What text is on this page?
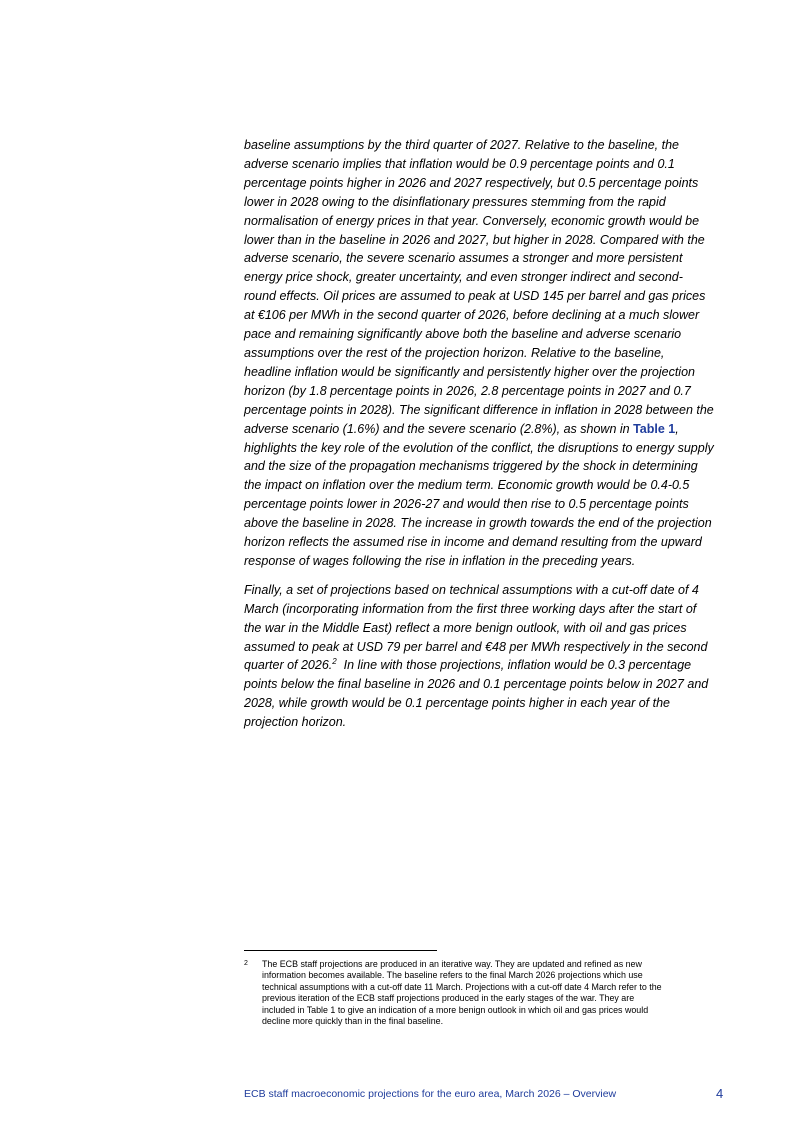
baseline assumptions by the third quarter of 2027. Relative to the baseline, the
adverse scenario implies that inflation would be 0.9 percentage points and 0.1
percentage points higher in 2026 and 2027 respectively, but 0.5 percentage points
lower in 2028 owing to the disinflationary pressures stemming from the rapid
normalisation of energy prices in that year. Conversely, economic growth would be
lower than in the baseline in 2026 and 2027, but higher in 2028. Compared with the
adverse scenario, the severe scenario assumes a stronger and more persistent
energy price shock, greater uncertainty, and even stronger indirect and second-
round effects. Oil prices are assumed to peak at USD 145 per barrel and gas prices
at €106 per MWh in the second quarter of 2026, before declining at a much slower
pace and remaining significantly above both the baseline and adverse scenario
assumptions over the rest of the projection horizon. Relative to the baseline,
headline inflation would be significantly and persistently higher over the projection
horizon (by 1.8 percentage points in 2026, 2.8 percentage points in 2027 and 0.7
percentage points in 2028). The significant difference in inflation in 2028 between the
adverse scenario (1.6%) and the severe scenario (2.8%), as shown in Table 1,
highlights the key role of the evolution of the conflict, the disruptions to energy supply
and the size of the propagation mechanisms triggered by the shock in determining
the impact on inflation over the medium term. Economic growth would be 0.4-0.5
percentage points lower in 2026-27 and would then rise to 0.5 percentage points
above the baseline in 2028. The increase in growth towards the end of the projection
horizon reflects the assumed rise in income and demand resulting from the upward
response of wages following the rise in inflation in the preceding years.

Finally, a set of projections based on technical assumptions with a cut-off date of 4
March (incorporating information from the first three working days after the start of
the war in the Middle East) reflect a more benign outlook, with oil and gas prices
assumed to peak at USD 79 per barrel and €48 per MWh respectively in the second
quarter of 2026.$^2$  In line with those projections, inflation would be 0.3 percentage
points below the final baseline in 2026 and 0.1 percentage points below in 2027 and
2028, while growth would be 0.1 percentage points higher in each year of the
projection horizon.

2 The ECB staff projections are produced in an iterative way. They are updated and refined as new
information becomes available. The baseline refers to the final March 2026 projections which use
technical assumptions with a cut-off date 11 March. Projections with a cut-off date 4 March refer to the
previous iteration of the ECB staff projections produced in the early stages of the war. They are
included in Table 1 to give an indication of a more benign outlook in which oil and gas prices would
decline more quickly than in the final baseline.
ECB staff macroeconomic projections for the euro area, March 2026 – Overview	4
